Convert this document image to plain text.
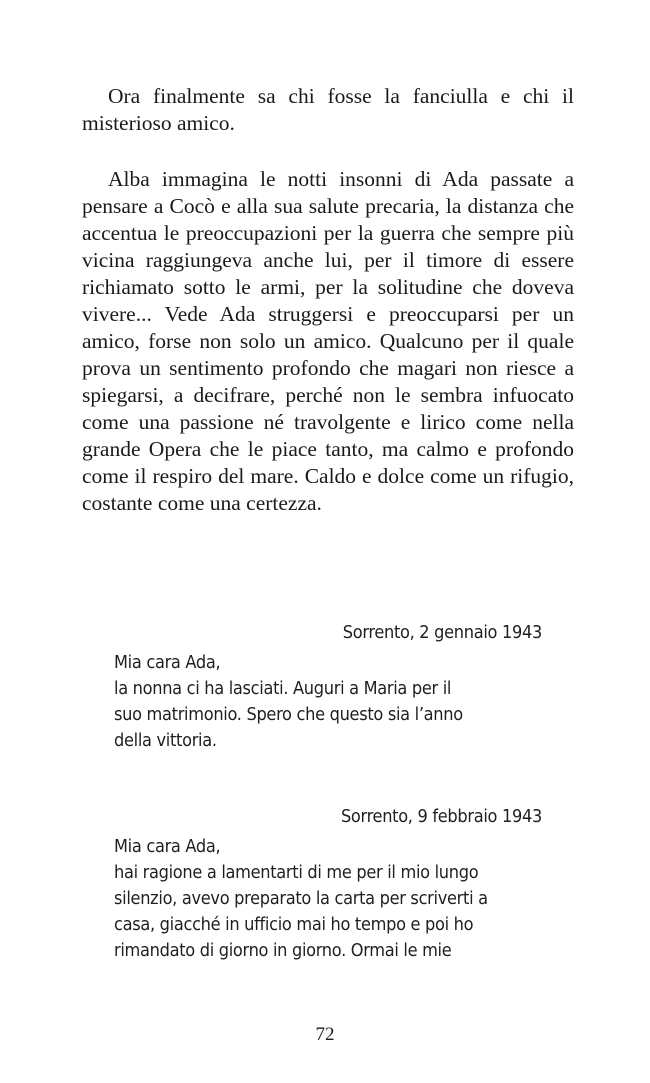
Ora finalmente sa chi fosse la fanciulla e chi il misterioso amico.

Alba immagina le notti insonni di Ada passate a pensare a Cocò e alla sua salute precaria, la distanza che accentua le preoccupazioni per la guerra che sempre più vicina raggiungeva anche lui, per il timore di essere richiamato sotto le armi, per la solitudine che doveva vivere... Vede Ada struggersi e preoccuparsi per un amico, forse non solo un amico. Qualcuno per il quale prova un sentimento profondo che magari non riesce a spiegarsi, a decifrare, perché non le sembra infuocato come una passione né travolgente e lirico come nella grande Opera che le piace tanto, ma calmo e profondo come il respiro del mare. Caldo e dolce come un rifugio, costante come una certezza.

Sorrento, 2 gennaio 1943

Mia cara Ada,

la nonna ci ha lasciati. Auguri a Maria per il

suo matrimonio. Spero che questo sia l’anno

della vittoria.

Sorrento, 9 febbraio 1943

Mia cara Ada,

hai ragione a lamentarti di me per il mio lungo

silenzio, avevo preparato la carta per scriverti a

casa, giacché in ufficio mai ho tempo e poi ho

rimandato di giorno in giorno. Ormai le mie

72
